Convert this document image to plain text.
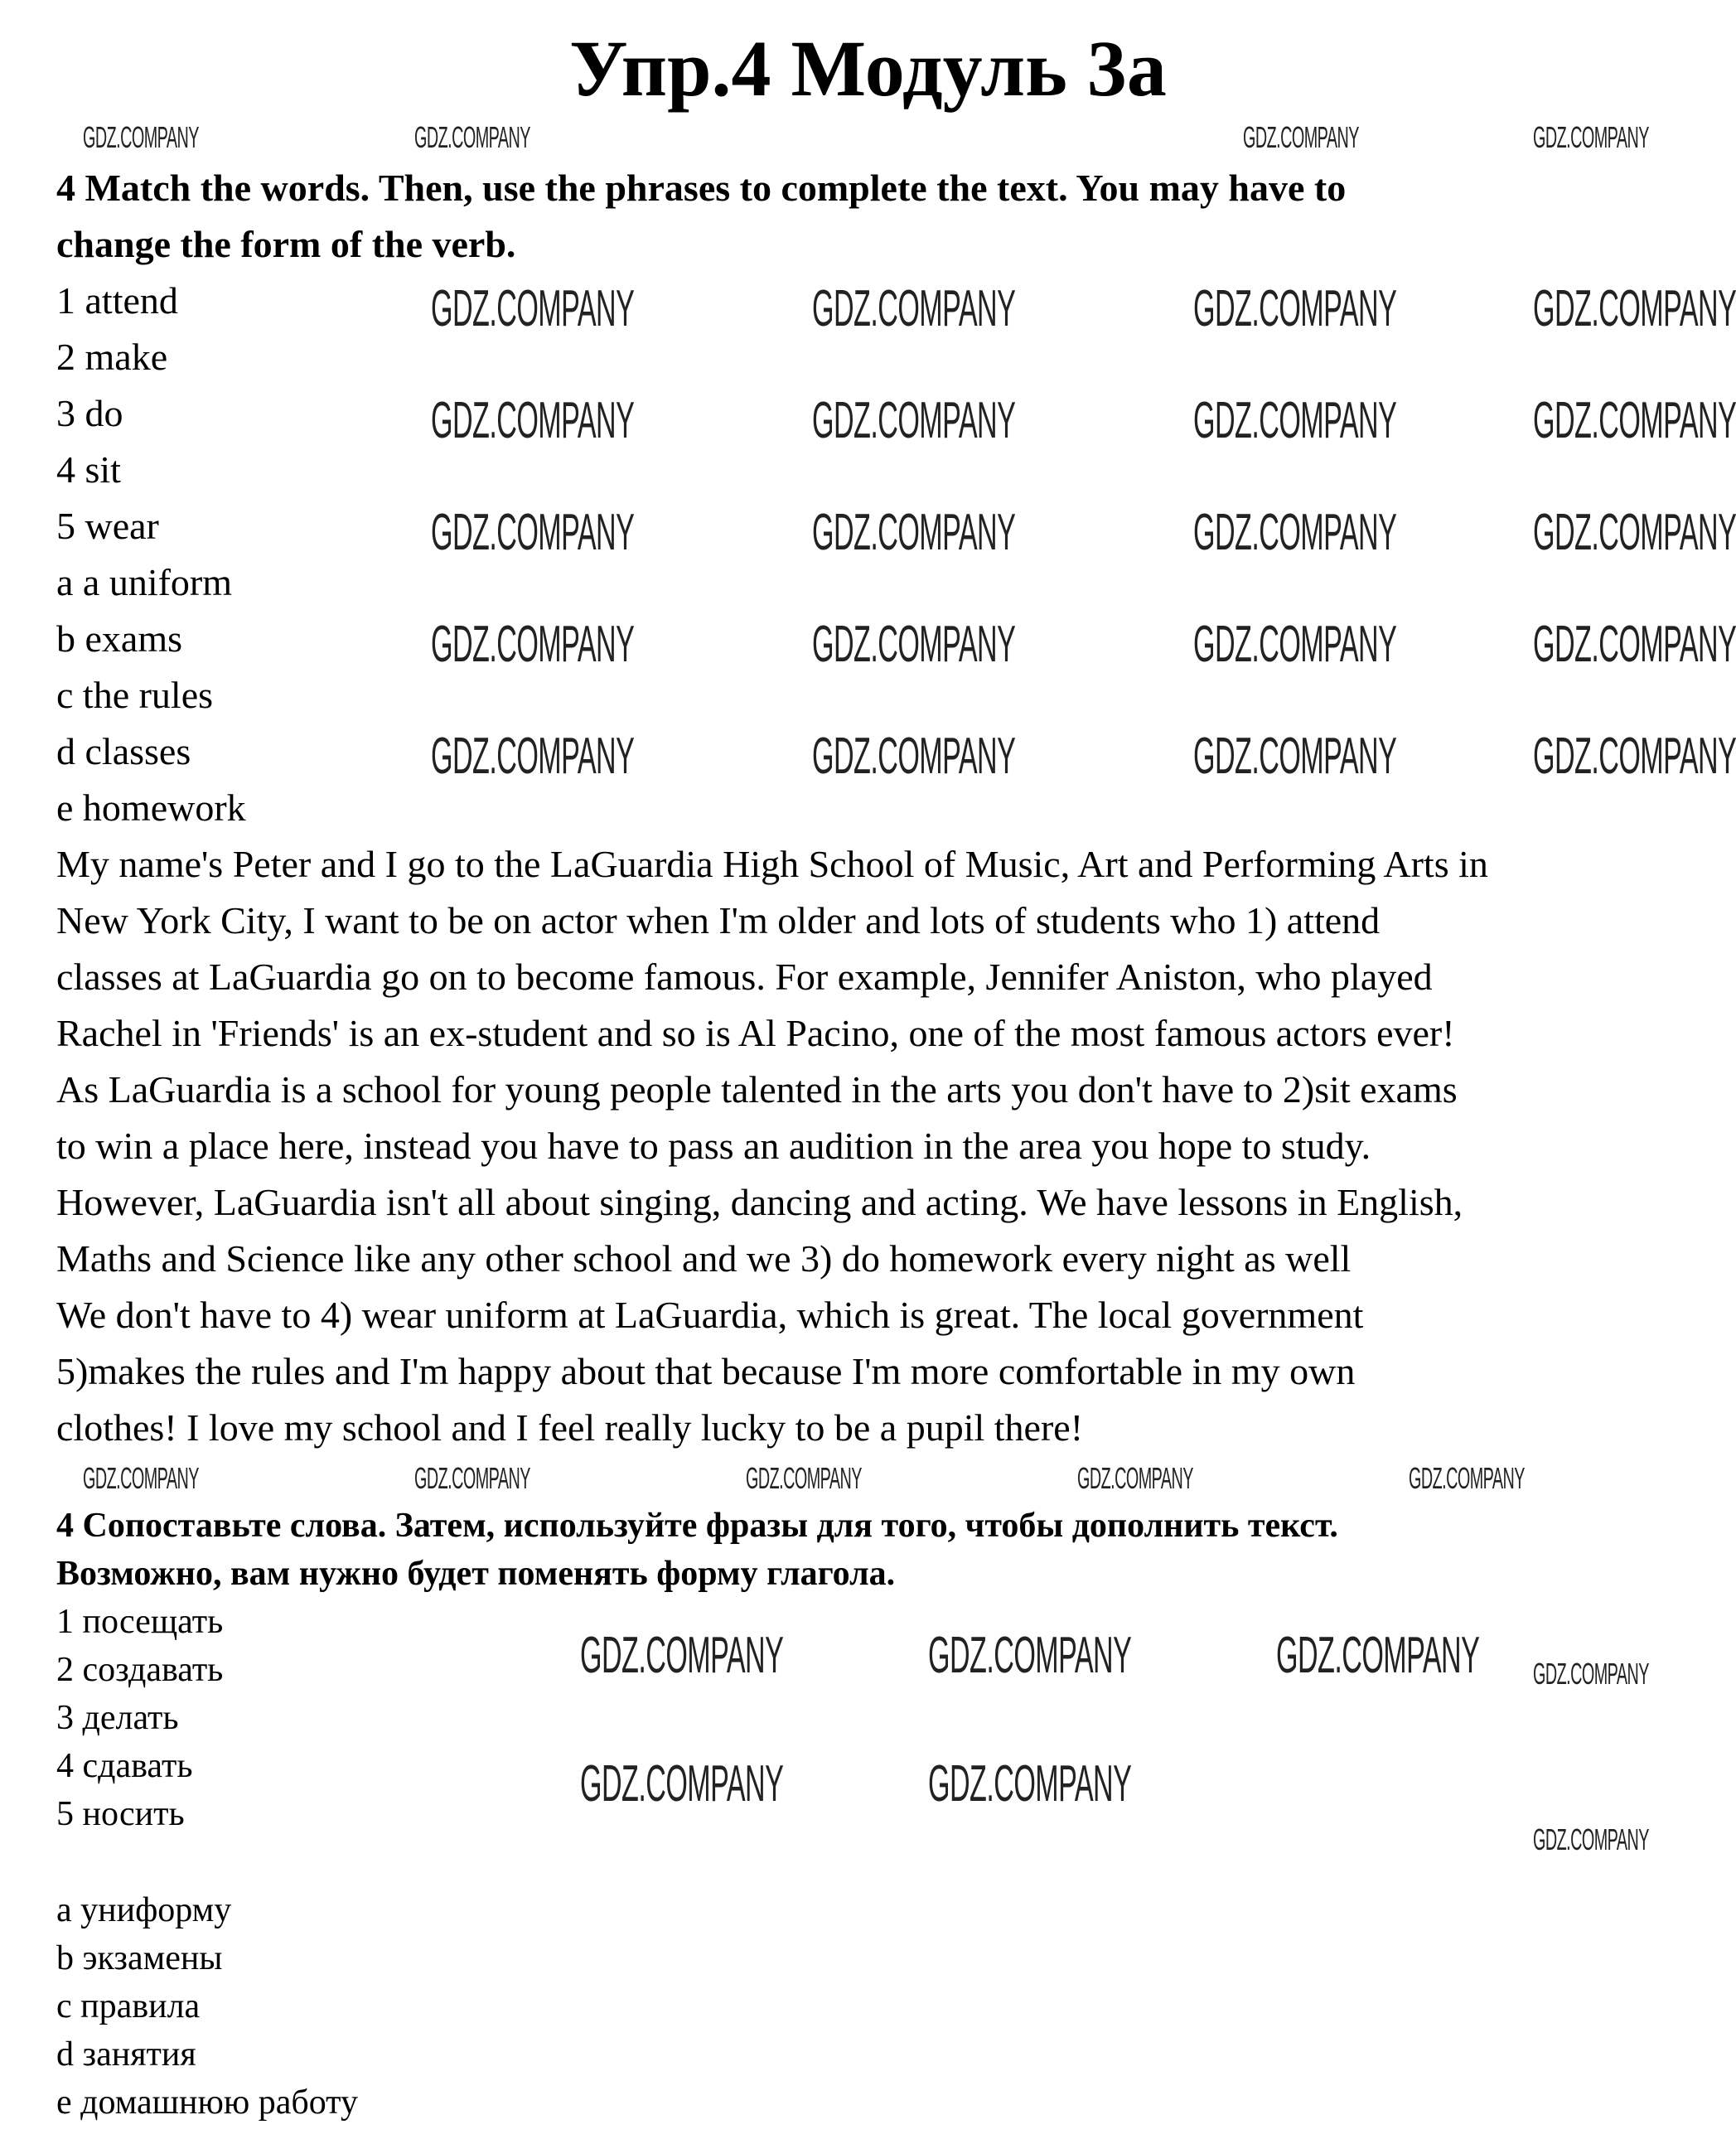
Упр.4 Модуль 3а
4 Match the words. Then, use the phrases to complete the text. You may have to
change the form of the verb.
1 attend
2 make
3 do
4 sit
5 wear
a a uniform
b exams
c the rules
d classes
e homework
My name's Peter and I go to the LaGuardia High School of Music, Art and Performing Arts in
New York City, I want to be on actor when I'm older and lots of students who 1) attend
classes at LaGuardia go on to become famous. For example, Jennifer Aniston, who played
Rachel in 'Friends' is an ex-student and so is Al Pacino, one of the most famous actors ever!
As LaGuardia is a school for young people talented in the arts you don't have to 2)sit exams
to win a place here, instead you have to pass an audition in the area you hope to study.
However, LaGuardia isn't all about singing, dancing and acting. We have lessons in English,
Maths and Science like any other school and we 3) do homework every night as well
We don't have to 4) wear uniform at LaGuardia, which is great. The local government
5)makes the rules and I'm happy about that because I'm more comfortable in my own
clothes! I love my school and I feel really lucky to be a pupil there!
4 Сопоставьте слова. Затем, используйте фразы для того, чтобы дополнить текст.
Возможно, вам нужно будет поменять форму глагола.
1 посещать
2 создавать
3 делать
4 сдавать
5 носить
a униформу
b экзамены
c правила
d занятия
e домашнюю работу
GDZ.COMPANY	GDZ.COMPANY	GDZ.COMPANY	GDZ.COMPANY
GDZ.COMPANY	GDZ.COMPANY	GDZ.COMPANY	GDZ.COMPANY
GDZ.COMPANY	GDZ.COMPANY	GDZ.COMPANY	GDZ.COMPANY
GDZ.COMPANY	GDZ.COMPANY	GDZ.COMPANY	GDZ.COMPANY
GDZ.COMPANY	GDZ.COMPANY	GDZ.COMPANY	GDZ.COMPANY
GDZ.COMPANY	GDZ.COMPANY	GDZ.COMPANY
GDZ.COMPANY	GDZ.COMPANY
GDZ.COMPANY	GDZ.COMPANY	GDZ.COMPANY	GDZ.COMPANY	GDZ.COMPANY
GDZ.COMPANY	GDZ.COMPANY	GDZ.COMPANY	GDZ.COMPANY
GDZ.COMPANY
GDZ.COMPANY
